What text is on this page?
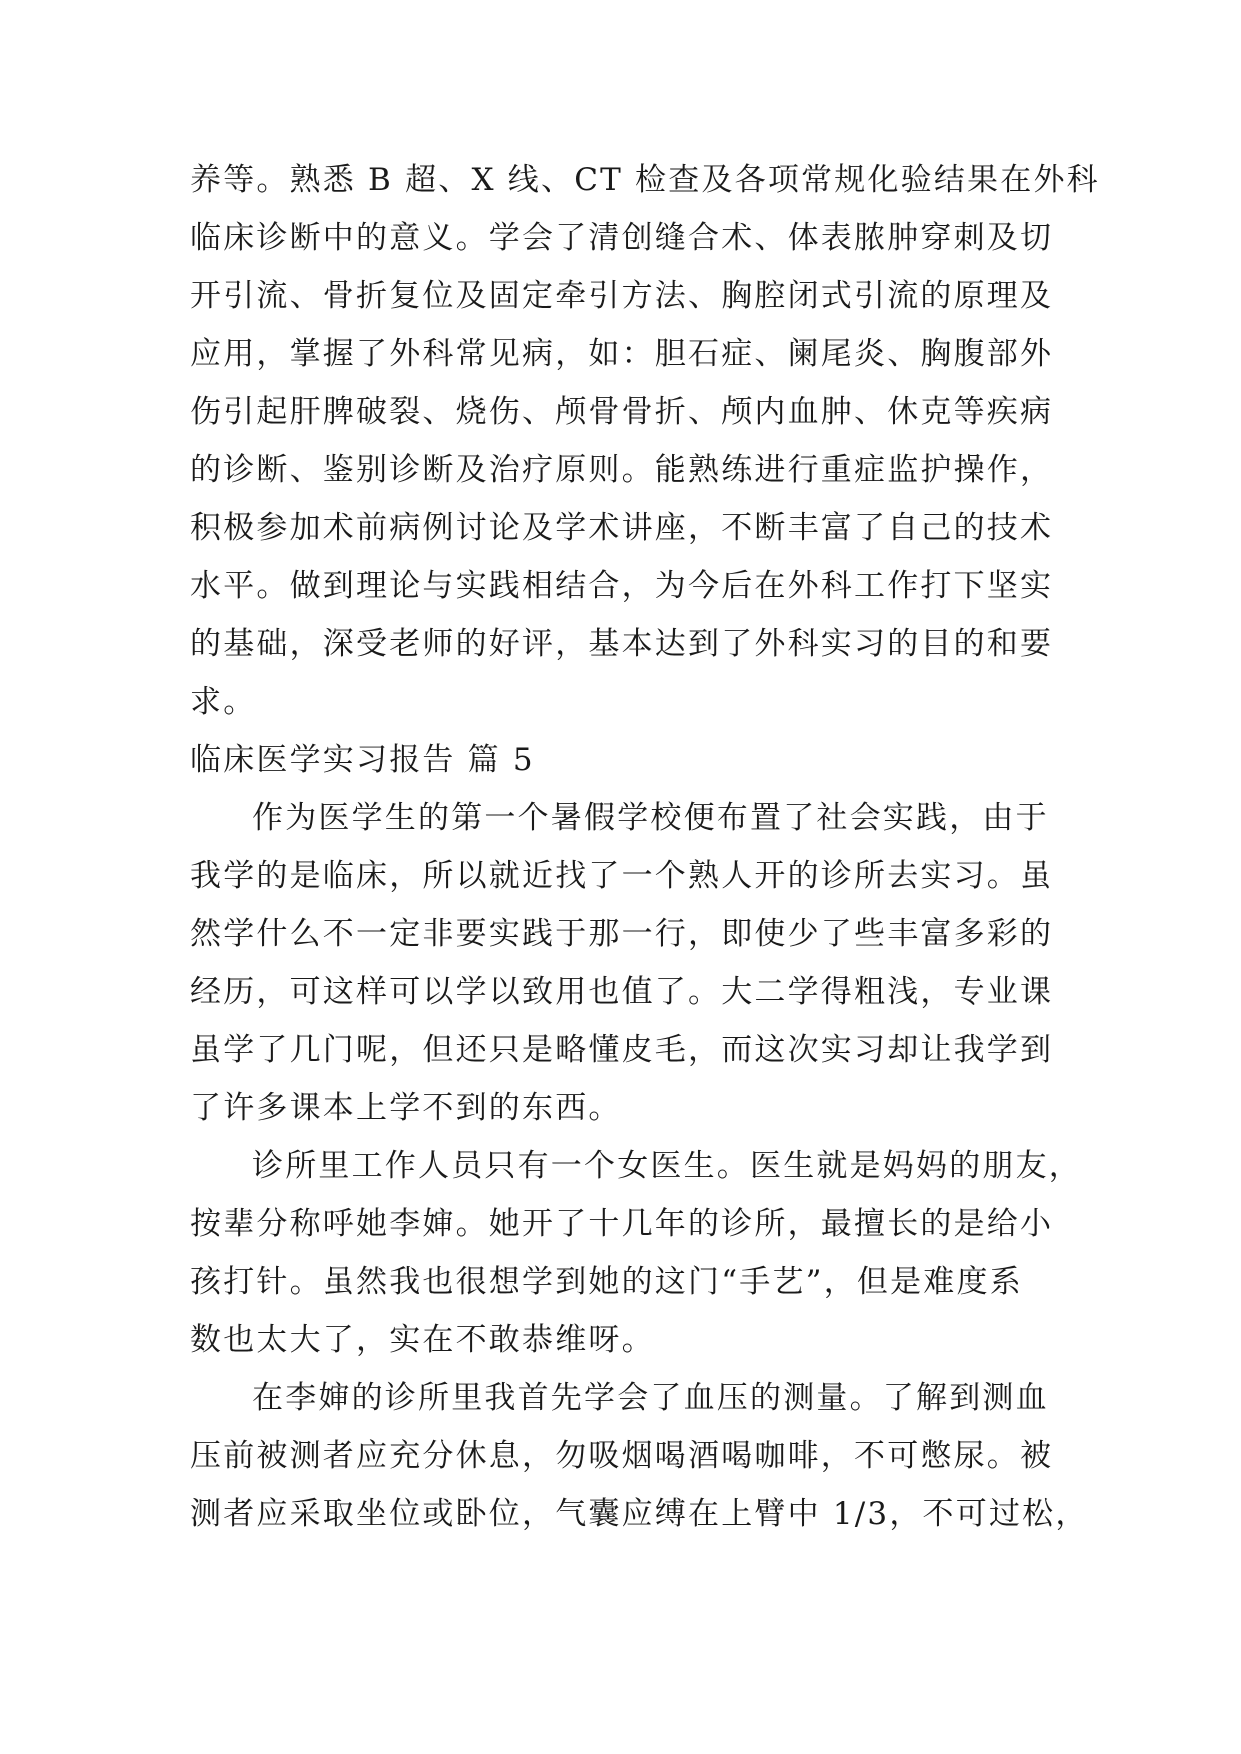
养等。熟悉 B 超、X 线、CT 检查及各项常规化验结果在外科
临床诊断中的意义。学会了清创缝合术、体表脓肿穿刺及切
开引流、骨折复位及固定牵引方法、胸腔闭式引流的原理及
应用，掌握了外科常见病，如：胆石症、阑尾炎、胸腹部外
伤引起肝脾破裂、烧伤、颅骨骨折、颅内血肿、休克等疾病
的诊断、鉴别诊断及治疗原则。能熟练进行重症监护操作，
积极参加术前病例讨论及学术讲座，不断丰富了自己的技术
水平。做到理论与实践相结合，为今后在外科工作打下坚实
的基础，深受老师的好评，基本达到了外科实习的目的和要
求。
临床医学实习报告 篇 5
作为医学生的第一个暑假学校便布置了社会实践，由于
我学的是临床，所以就近找了一个熟人开的诊所去实习。虽
然学什么不一定非要实践于那一行，即使少了些丰富多彩的
经历，可这样可以学以致用也值了。大二学得粗浅，专业课
虽学了几门呢，但还只是略懂皮毛，而这次实习却让我学到
了许多课本上学不到的东西。
诊所里工作人员只有一个女医生。医生就是妈妈的朋友，
按辈分称呼她李婶。她开了十几年的诊所，最擅长的是给小
孩打针。虽然我也很想学到她的这门“手艺”，但是难度系
数也太大了，实在不敢恭维呀。
在李婶的诊所里我首先学会了血压的测量。了解到测血
压前被测者应充分休息，勿吸烟喝酒喝咖啡，不可憋尿。被
测者应采取坐位或卧位，气囊应缚在上臂中 1/3，不可过松，
